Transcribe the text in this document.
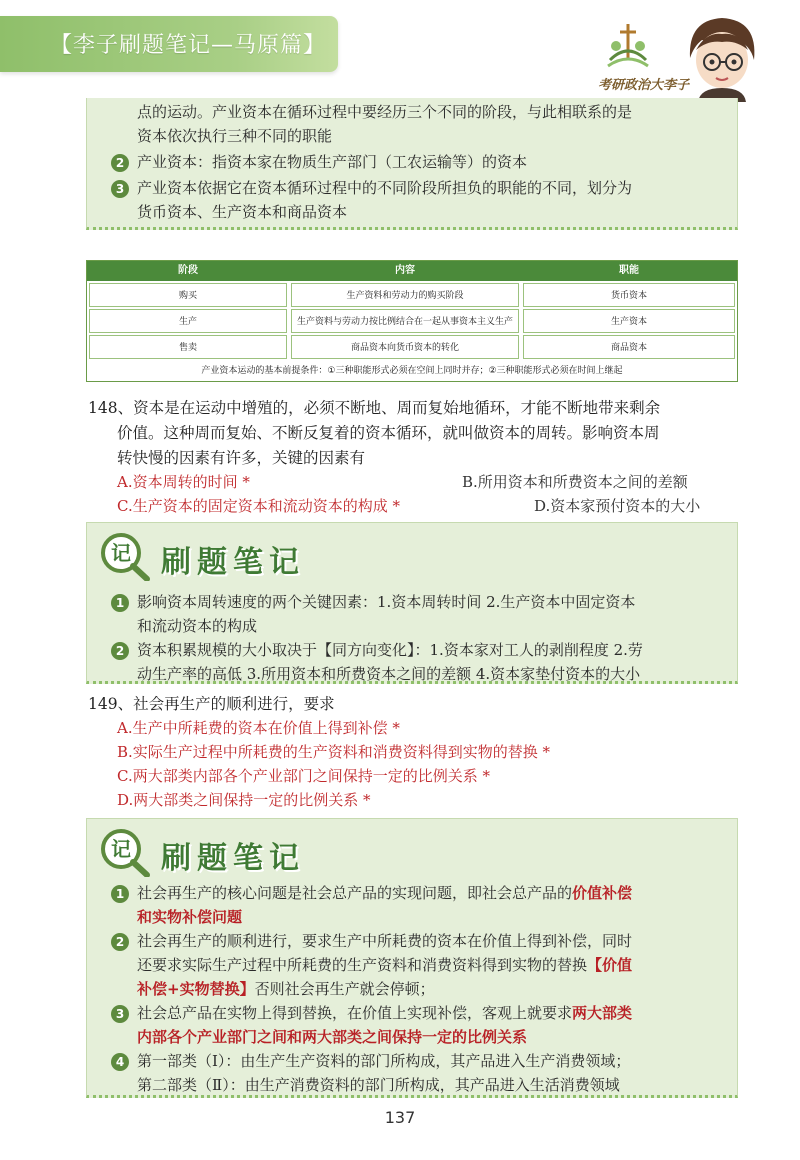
【李子刷题笔记—马原篇】
考研政治大李子
点的运动。产业资本在循环过程中要经历三个不同的阶段，与此相联系的是
资本依次执行三种不同的职能
2 产业资本：指资本家在物质生产部门（工农运输等）的资本
3 产业资本依据它在资本循环过程中的不同阶段所担负的职能的不同，划分为
货币资本、生产资本和商品资本
阶段	内容	职能
购买	生产资料和劳动力的购买阶段	货币资本
生产	生产资料与劳动力按比例结合在一起从事资本主义生产	生产资本
售卖	商品资本向货币资本的转化	商品资本
产业资本运动的基本前提条件：①三种职能形式必须在空间上同时并存；②三种职能形式必须在时间上继起
148、资本是在运动中增殖的，必须不断地、周而复始地循环，才能不断地带来剩余
价值。这种周而复始、不断反复着的资本循环，就叫做资本的周转。影响资本周
转快慢的因素有许多，关键的因素有
A.资本周转的时间 *	B.所用资本和所费资本之间的差额
C.生产资本的固定资本和流动资本的构成 *	D.资本家预付资本的大小
记 刷题笔记
1 影响资本周转速度的两个关键因素：1.资本周转时间 2.生产资本中固定资本
和流动资本的构成
2 资本积累规模的大小取决于【同方向变化】：1.资本家对工人的剥削程度 2.劳
动生产率的高低 3.所用资本和所费资本之间的差额 4.资本家垫付资本的大小
149、社会再生产的顺利进行，要求
A.生产中所耗费的资本在价值上得到补偿 *
B.实际生产过程中所耗费的生产资料和消费资料得到实物的替换 *
C.两大部类内部各个产业部门之间保持一定的比例关系 *
D.两大部类之间保持一定的比例关系 *
记 刷题笔记
1 社会再生产的核心问题是社会总产品的实现问题，即社会总产品的价值补偿
和实物补偿问题
2 社会再生产的顺利进行，要求生产中所耗费的资本在价值上得到补偿，同时
还要求实际生产过程中所耗费的生产资料和消费资料得到实物的替换【价值
补偿+实物替换】否则社会再生产就会停顿；
3 社会总产品在实物上得到替换，在价值上实现补偿，客观上就要求两大部类
内部各个产业部门之间和两大部类之间保持一定的比例关系
4 第一部类（Ⅰ）：由生产生产资料的部门所构成，其产品进入生产消费领域；
第二部类（Ⅱ）：由生产消费资料的部门所构成，其产品进入生活消费领域
137
